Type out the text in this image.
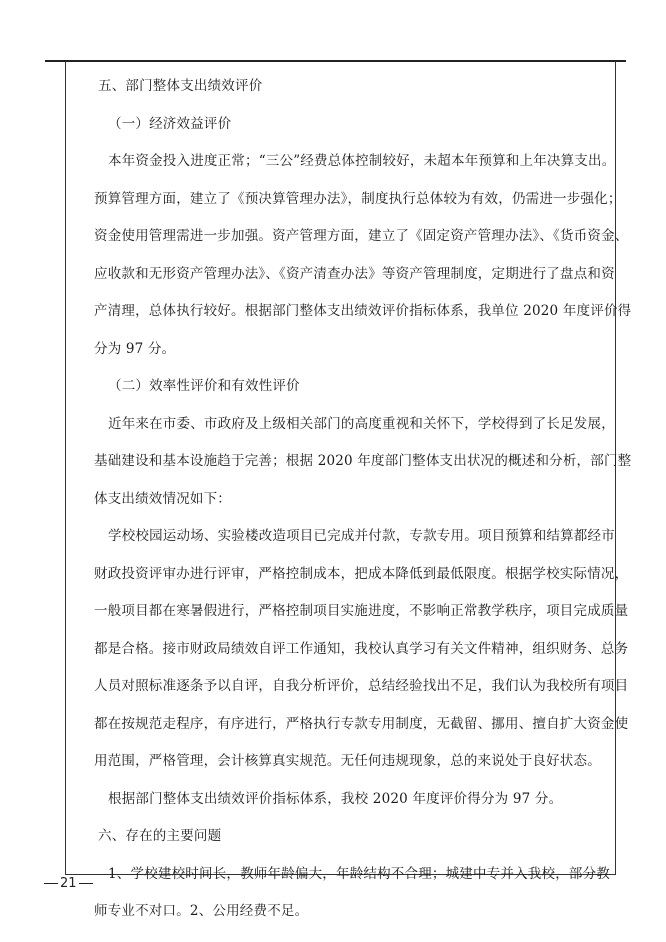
五、部门整体支出绩效评价
（一）经济效益评价
本年资金投入进度正常；“三公”经费总体控制较好，未超本年预算和上年决算支出。
预算管理方面，建立了《预决算管理办法》，制度执行总体较为有效，仍需进一步强化；
资金使用管理需进一步加强。资产管理方面，建立了《固定资产管理办法》、《货币资金、
应收款和无形资产管理办法》、《资产清查办法》等资产管理制度，定期进行了盘点和资
产清理，总体执行较好。根据部门整体支出绩效评价指标体系，我单位 2020 年度评价得
分为 97 分。
（二）效率性评价和有效性评价
近年来在市委、市政府及上级相关部门的高度重视和关怀下，学校得到了长足发展，
基础建设和基本设施趋于完善；根据 2020 年度部门整体支出状况的概述和分析，部门整
体支出绩效情况如下：
学校校园运动场、实验楼改造项目已完成并付款，专款专用。项目预算和结算都经市
财政投资评审办进行评审，严格控制成本，把成本降低到最低限度。根据学校实际情况，
一般项目都在寒暑假进行，严格控制项目实施进度，不影响正常教学秩序，项目完成质量
都是合格。接市财政局绩效自评工作通知，我校认真学习有关文件精神，组织财务、总务
人员对照标准逐条予以自评，自我分析评价，总结经验找出不足，我们认为我校所有项目
都在按规范走程序，有序进行，严格执行专款专用制度，无截留、挪用、擅自扩大资金使
用范围，严格管理，会计核算真实规范。无任何违规现象，总的来说处于良好状态。
根据部门整体支出绩效评价指标体系，我校 2020 年度评价得分为 97 分。
六、存在的主要问题
1、学校建校时间长，教师年龄偏大，年龄结构不合理；城建中专并入我校，部分教
师专业不对口。2、公用经费不足。
21
